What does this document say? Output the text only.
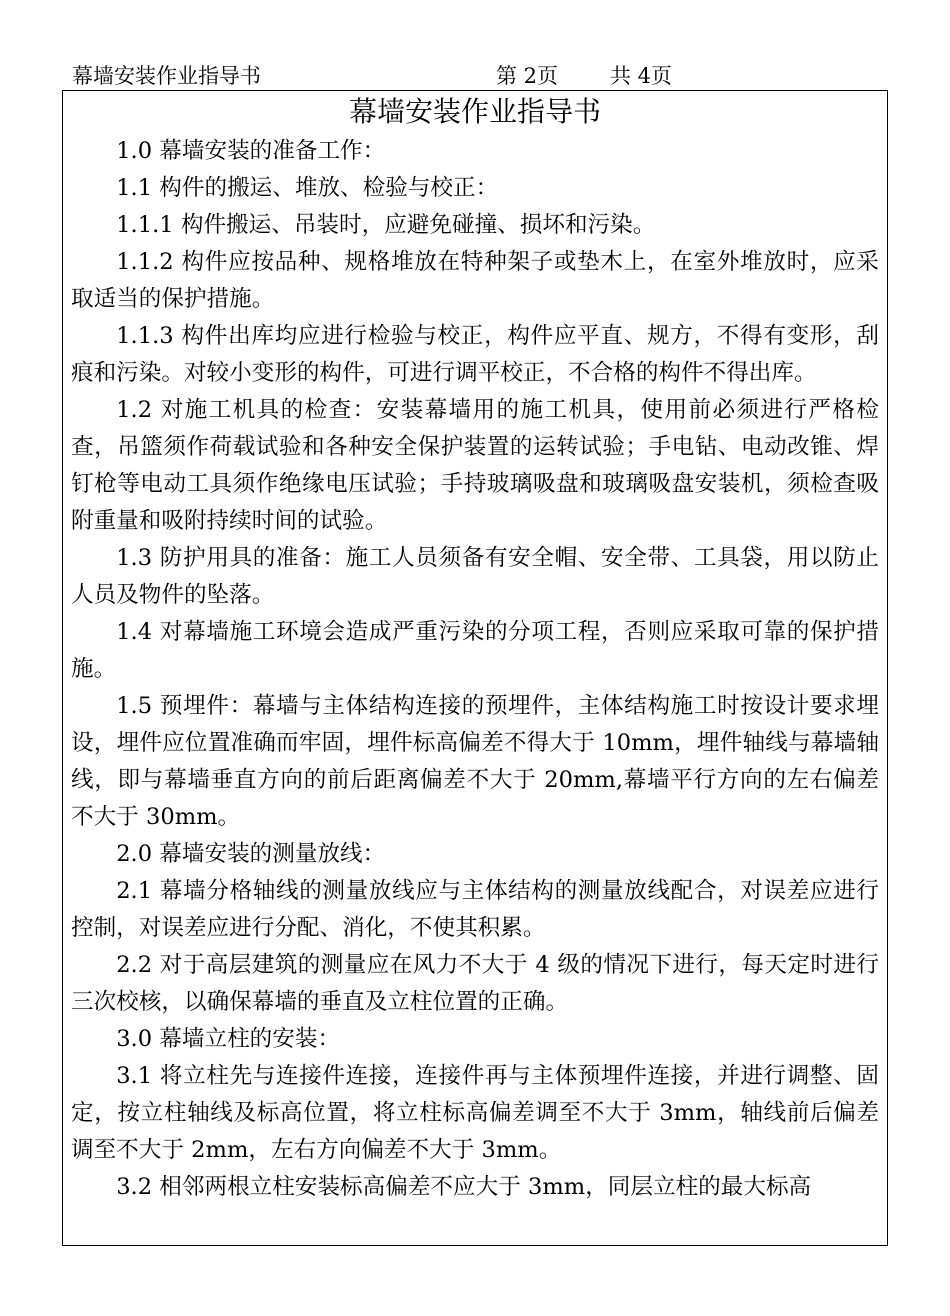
幕墙安装作业指导书	第 2页 共 4页
幕墙安装作业指导书

1.0 幕墙安装的准备工作：

1.1 构件的搬运、堆放、检验与校正：

1.1.1 构件搬运、吊装时，应避免碰撞、损坏和污染。

1.1.2 构件应按品种、规格堆放在特种架子或垫木上，在室外堆放时，应采取适当的保护措施。

1.1.3 构件出库均应进行检验与校正，构件应平直、规方，不得有变形，刮痕和污染。对较小变形的构件，可进行调平校正，不合格的构件不得出库。

1.2 对施工机具的检查：安装幕墙用的施工机具，使用前必须进行严格检查，吊篮须作荷载试验和各种安全保护装置的运转试验；手电钻、电动改锥、焊钉枪等电动工具须作绝缘电压试验；手持玻璃吸盘和玻璃吸盘安装机，须检查吸附重量和吸附持续时间的试验。

1.3 防护用具的准备：施工人员须备有安全帽、安全带、工具袋，用以防止人员及物件的坠落。

1.4 对幕墙施工环境会造成严重污染的分项工程，否则应采取可靠的保护措施。

1.5 预埋件：幕墙与主体结构连接的预埋件，主体结构施工时按设计要求埋设，埋件应位置准确而牢固，埋件标高偏差不得大于 10mm，埋件轴线与幕墙轴线，即与幕墙垂直方向的前后距离偏差不大于 20mm,幕墙平行方向的左右偏差不大于 30mm。

2.0 幕墙安装的测量放线：

2.1 幕墙分格轴线的测量放线应与主体结构的测量放线配合，对误差应进行控制，对误差应进行分配、消化，不使其积累。

2.2 对于高层建筑的测量应在风力不大于 4 级的情况下进行，每天定时进行三次校核，以确保幕墙的垂直及立柱位置的正确。

3.0 幕墙立柱的安装：

3.1 将立柱先与连接件连接，连接件再与主体预埋件连接，并进行调整、固定，按立柱轴线及标高位置，将立柱标高偏差调至不大于 3mm，轴线前后偏差调至不大于 2mm，左右方向偏差不大于 3mm。

3.2 相邻两根立柱安装标高偏差不应大于 3mm，同层立柱的最大标高
